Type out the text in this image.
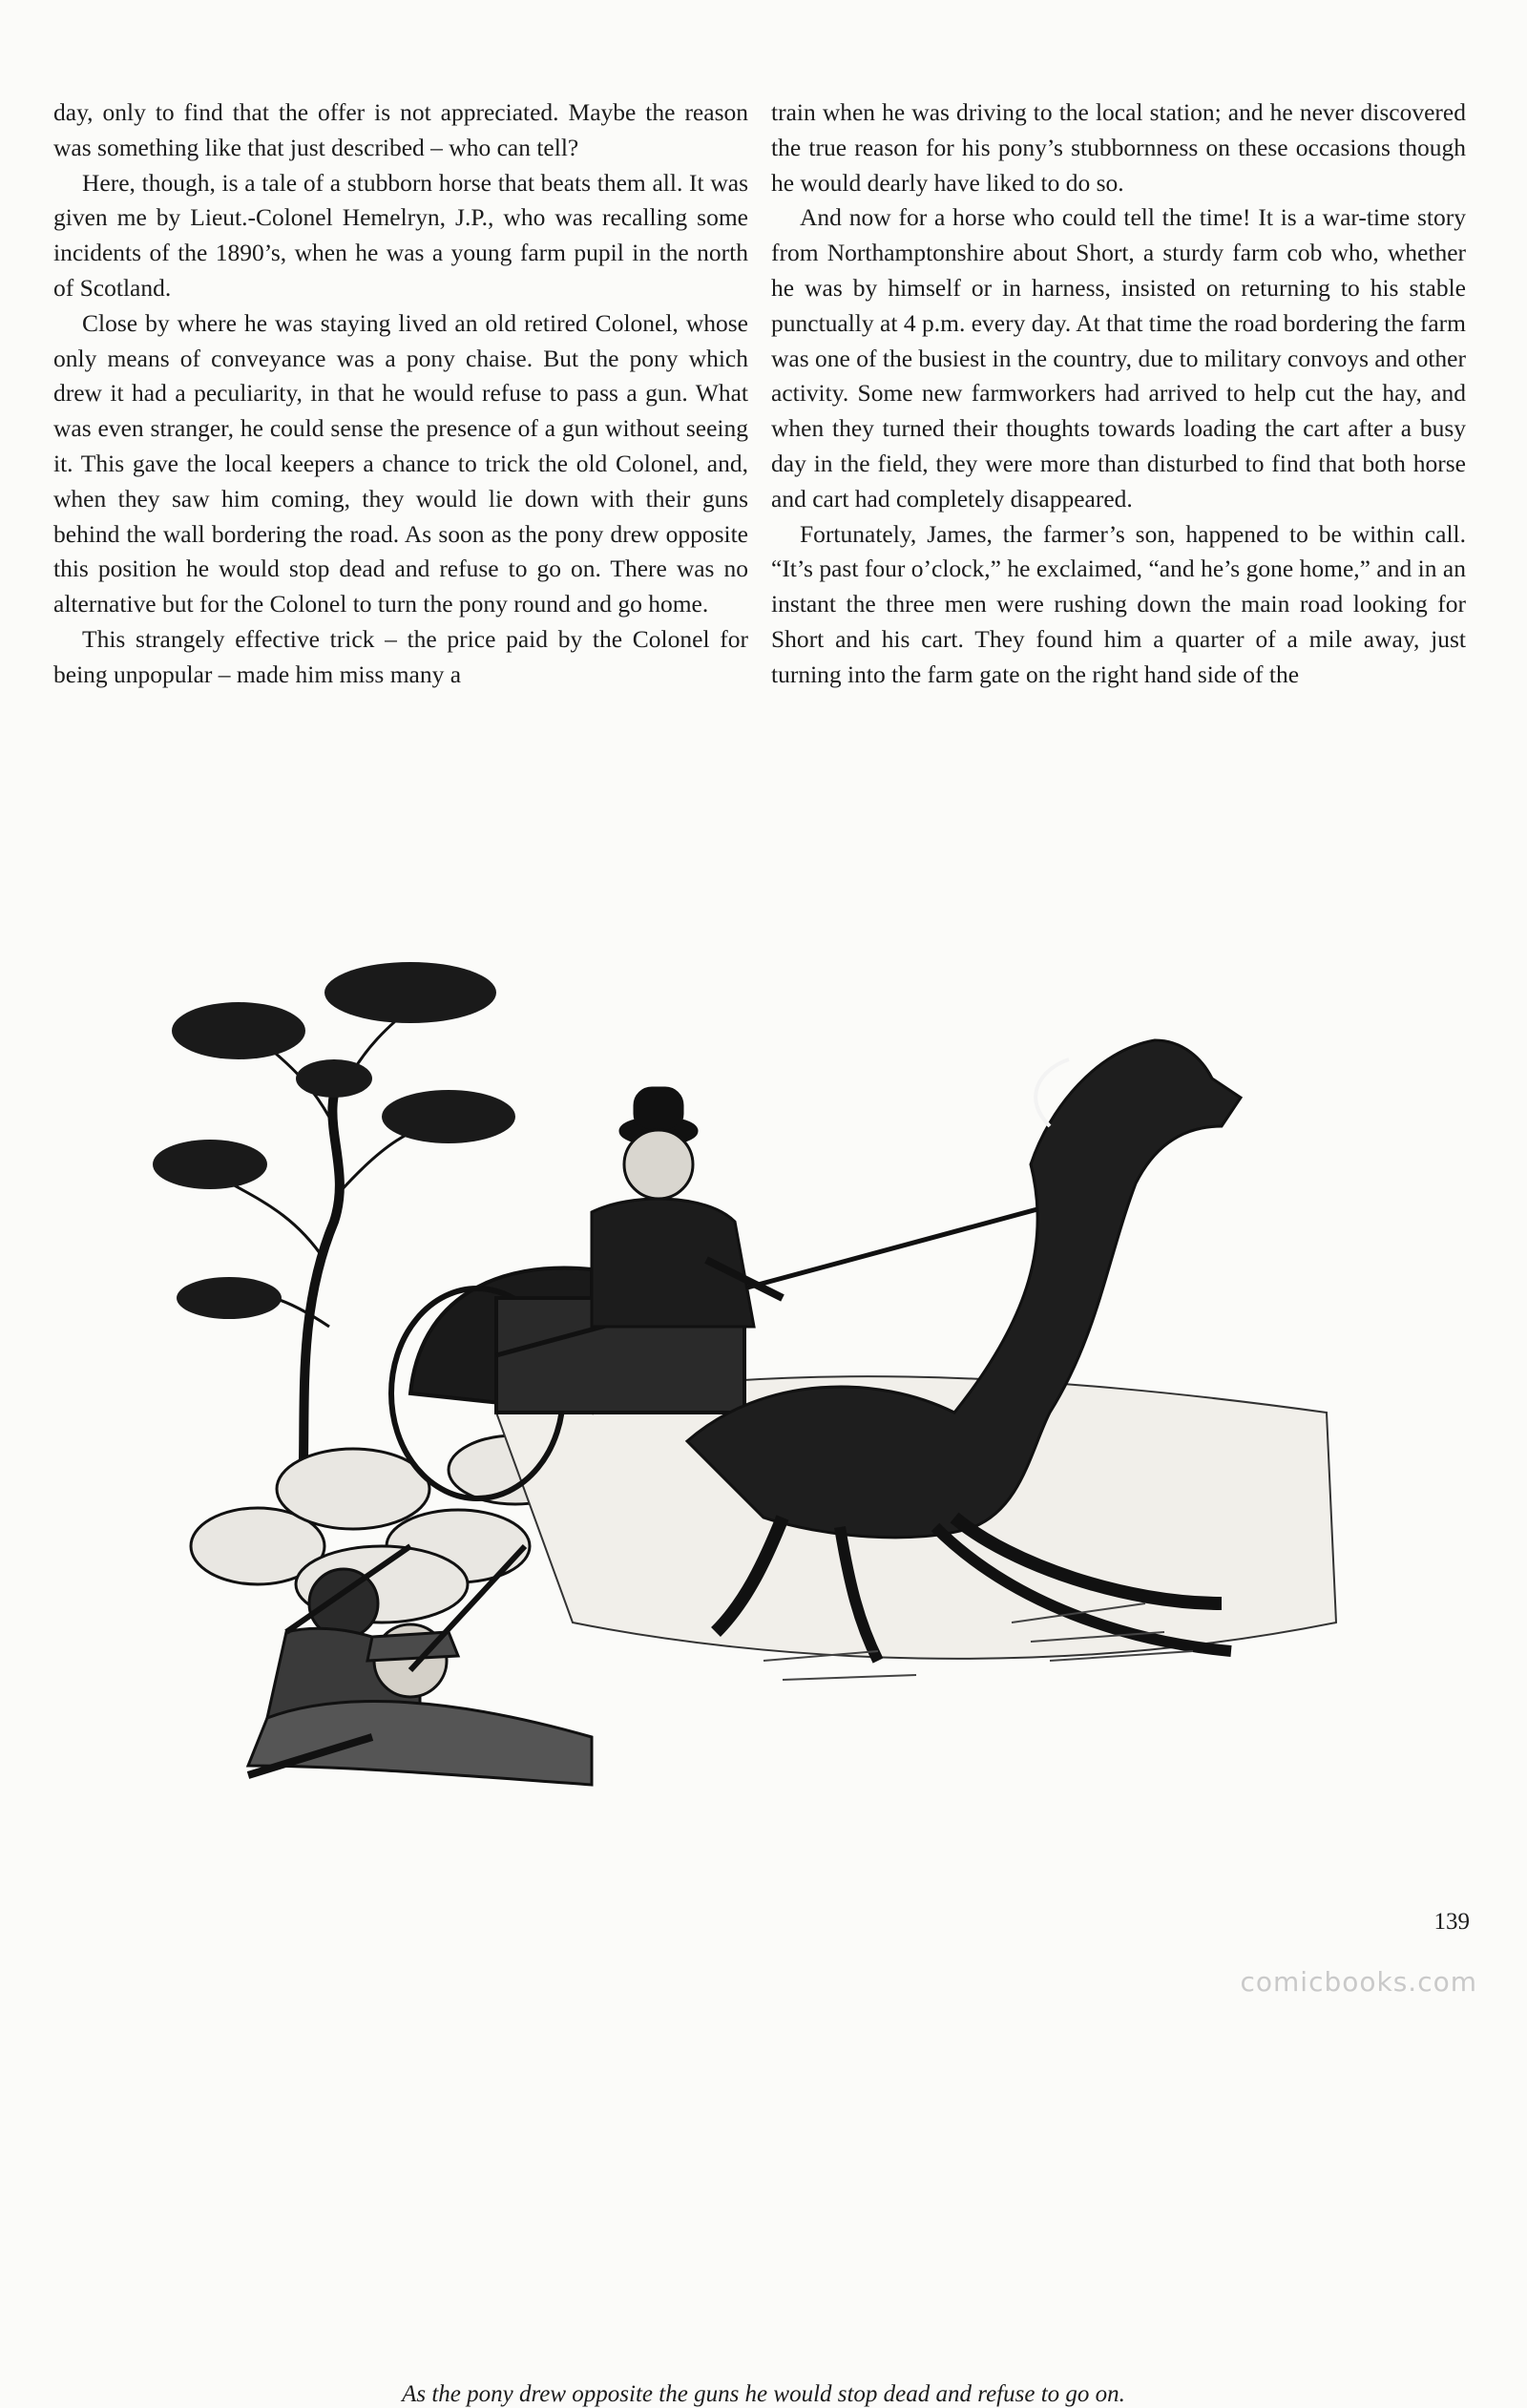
day, only to find that the offer is not appreciated. Maybe the reason was something like that just described – who can tell?

Here, though, is a tale of a stubborn horse that beats them all. It was given me by Lieut.-Colonel Hemelryn, J.P., who was recalling some incidents of the 1890’s, when he was a young farm pupil in the north of Scotland.

Close by where he was staying lived an old retired Colonel, whose only means of conveyance was a pony chaise. But the pony which drew it had a peculiarity, in that he would refuse to pass a gun. What was even stranger, he could sense the presence of a gun without seeing it. This gave the local keepers a chance to trick the old Colonel, and, when they saw him coming, they would lie down with their guns behind the wall bordering the road. As soon as the pony drew opposite this position he would stop dead and refuse to go on. There was no alternative but for the Colonel to turn the pony round and go home.

This strangely effective trick – the price paid by the Colonel for being unpopular – made him miss many a

train when he was driving to the local station; and he never discovered the true reason for his pony’s stubbornness on these occasions though he would dearly have liked to do so.

And now for a horse who could tell the time! It is a war-time story from Northamptonshire about Short, a sturdy farm cob who, whether he was by himself or in harness, insisted on returning to his stable punctually at 4 p.m. every day. At that time the road bordering the farm was one of the busiest in the country, due to military convoys and other activity. Some new farmworkers had arrived to help cut the hay, and when they turned their thoughts towards loading the cart after a busy day in the field, they were more than disturbed to find that both horse and cart had completely disappeared.

Fortunately, James, the farmer’s son, happened to be within call. “It’s past four o’clock,” he exclaimed, “and he’s gone home,” and in an instant the three men were rushing down the main road looking for Short and his cart. They found him a quarter of a mile away, just turning into the farm gate on the right hand side of the

As the pony drew opposite the guns he would stop dead and refuse to go on.
139
comicbooks.com
